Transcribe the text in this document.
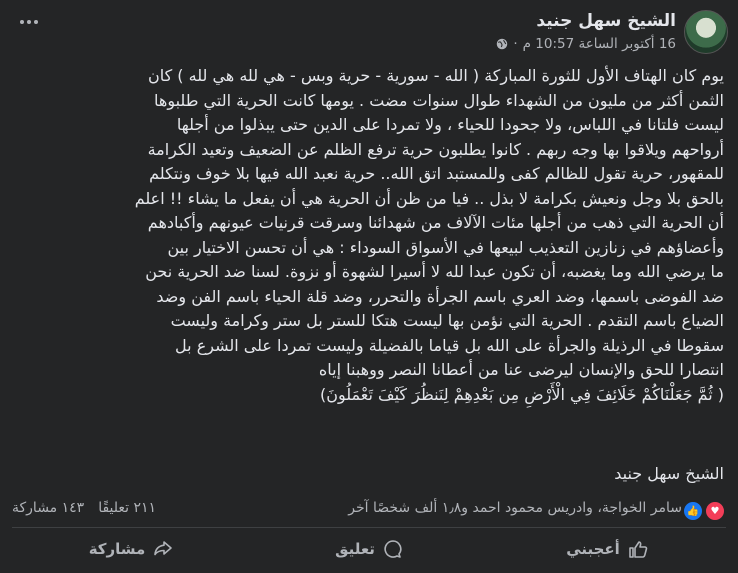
الشيخ سهل جنيد
16 أكتوبر الساعة 10:57 م
·

يوم كان الهتاف الأول للثورة المباركة ( الله - سورية - حرية وبس - هي لله هي لله ) كان

الثمن أكثر من مليون من الشهداء طوال سنوات مضت . يومها كانت الحرية التي طلبوها

ليست فلتانا في اللباس، ولا جحودا للحياء ، ولا تمردا على الدين حتى يبذلوا من أجلها

أرواحهم ويلاقوا بها وجه ربهم . كانوا يطلبون حرية ترفع الظلم عن الضعيف وتعيد الكرامة

للمقهور، حرية تقول للظالم كفى وللمستبد اتق الله.. حرية نعبد الله فيها بلا خوف ونتكلم

بالحق بلا وجل ونعيش بكرامة لا بذل .. فيا من ظن أن الحرية هي أن يفعل ما يشاء !! اعلم

أن الحرية التي ذهب من أجلها مئات الآلاف من شهدائنا وسرقت قرنيات عيونهم وأكبادهم

وأعضاؤهم في زنازين التعذيب لبيعها في الأسواق السوداء : هي أن تحسن الاختيار بين

ما يرضي الله وما يغضبه، أن تكون عبدا لله لا أسيرا لشهوة أو نزوة. لسنا ضد الحرية نحن

ضد الفوضى باسمها، وضد العري باسم الجرأة والتحرر، وضد قلة الحياء باسم الفن وضد

الضياع باسم التقدم . الحرية التي نؤمن بها ليست هتكا للستر بل ستر وكرامة وليست

سقوطا في الرذيلة والجرأة على الله بل قياما بالفضيلة وليست تمردا على الشرع بل

انتصارا للحق والإنسان ليرضى عنا من أعطانا النصر ووهبنا إياه

( ثُمَّ جَعَلْنَاكُمْ خَلَائِفَ فِي الْأَرْضِ مِن بَعْدِهِمْ لِنَنظُرَ كَيْفَ تَعْمَلُونَ)

الشيخ سهل جنيد
♥
👍
سامر الخواجة، وادريس محمود احمد و١٫٨ ألف شخصًا آخر
٢١١ تعليقًا
١٤٣ مشاركة
أعجبني
تعليق
مشاركة
